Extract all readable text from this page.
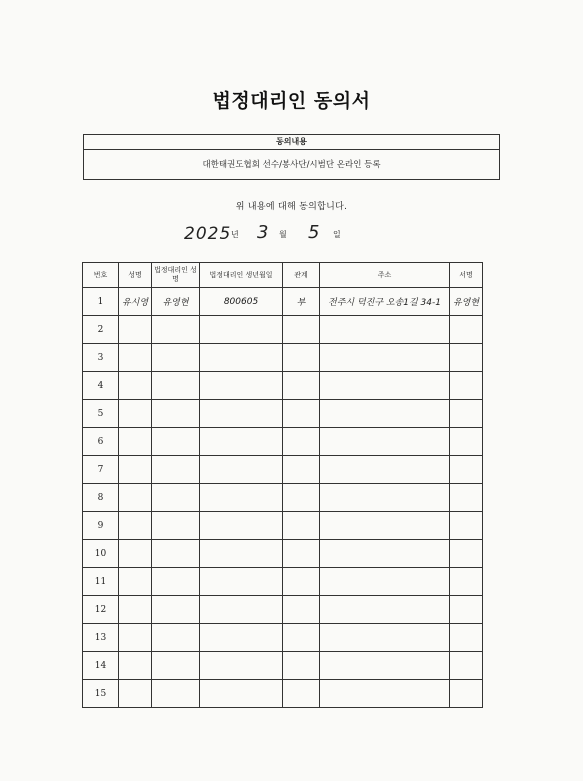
법정대리인 동의서
동의내용
대한태권도협회 선수/봉사단/시범단 온라인 등록
위 내용에 대해 동의합니다.
2025 년 3 월 5 일
번호	성명	법정대리인 성명	법정대리인 생년월일	관계	주소	서명
1	유시영	유영현	800605	부	전주시 덕진구 오송1길 34-1	유영현
2						
3						
4						
5						
6						
7						
8						
9						
10						
11						
12						
13						
14						
15						
